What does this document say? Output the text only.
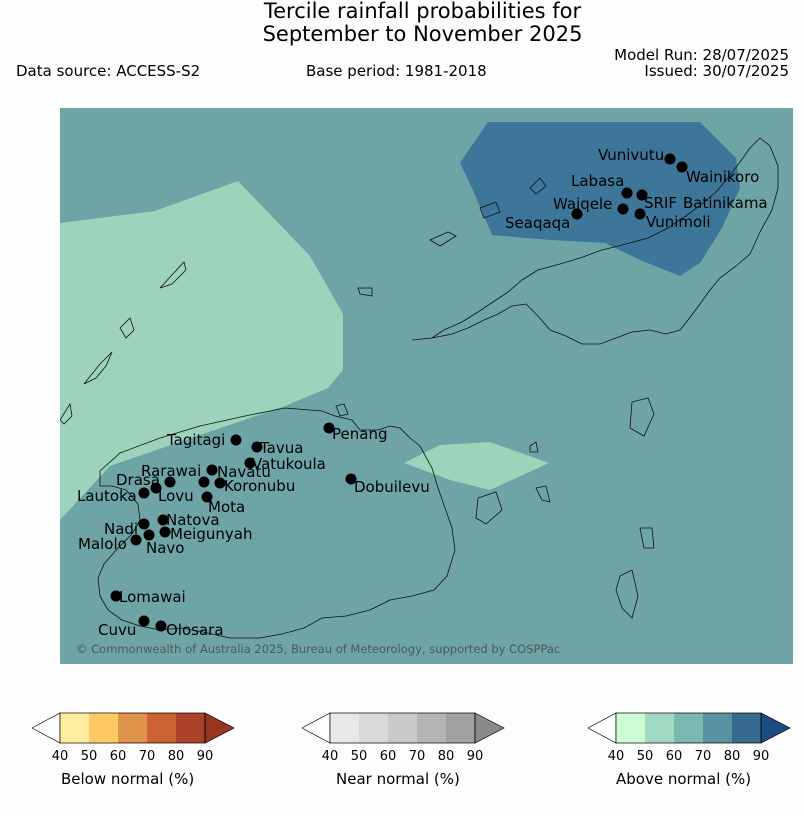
Tercile rainfall probabilities for
September to November 2025
Data source: ACCESS-S2	Base period: 1981-2018
Model Run: 28/07/2025
Issued: 30/07/2025
Vunivutu
Wainikoro
Labasa
Waiqele SRIF Batinikama
Seaqaqa	Vunimoli
Penang
Tagitagi Tavua
Vatukoula
Rarawai Navatu
Koronubu
Drasa
Lautoka Lovu
Mota
Dobuilevu
Natova
Nadi Meigunyah
Malolo Navo
Lomawai
Cuvu Olosara
© Commonwealth of Australia 2025, Bureau of Meteorology, supported by COSPPac
40 50 60 70 80 90
Below normal (%)
40 50 60 70 80 90
Near normal (%)
40 50 60 70 80 90
Above normal (%)
